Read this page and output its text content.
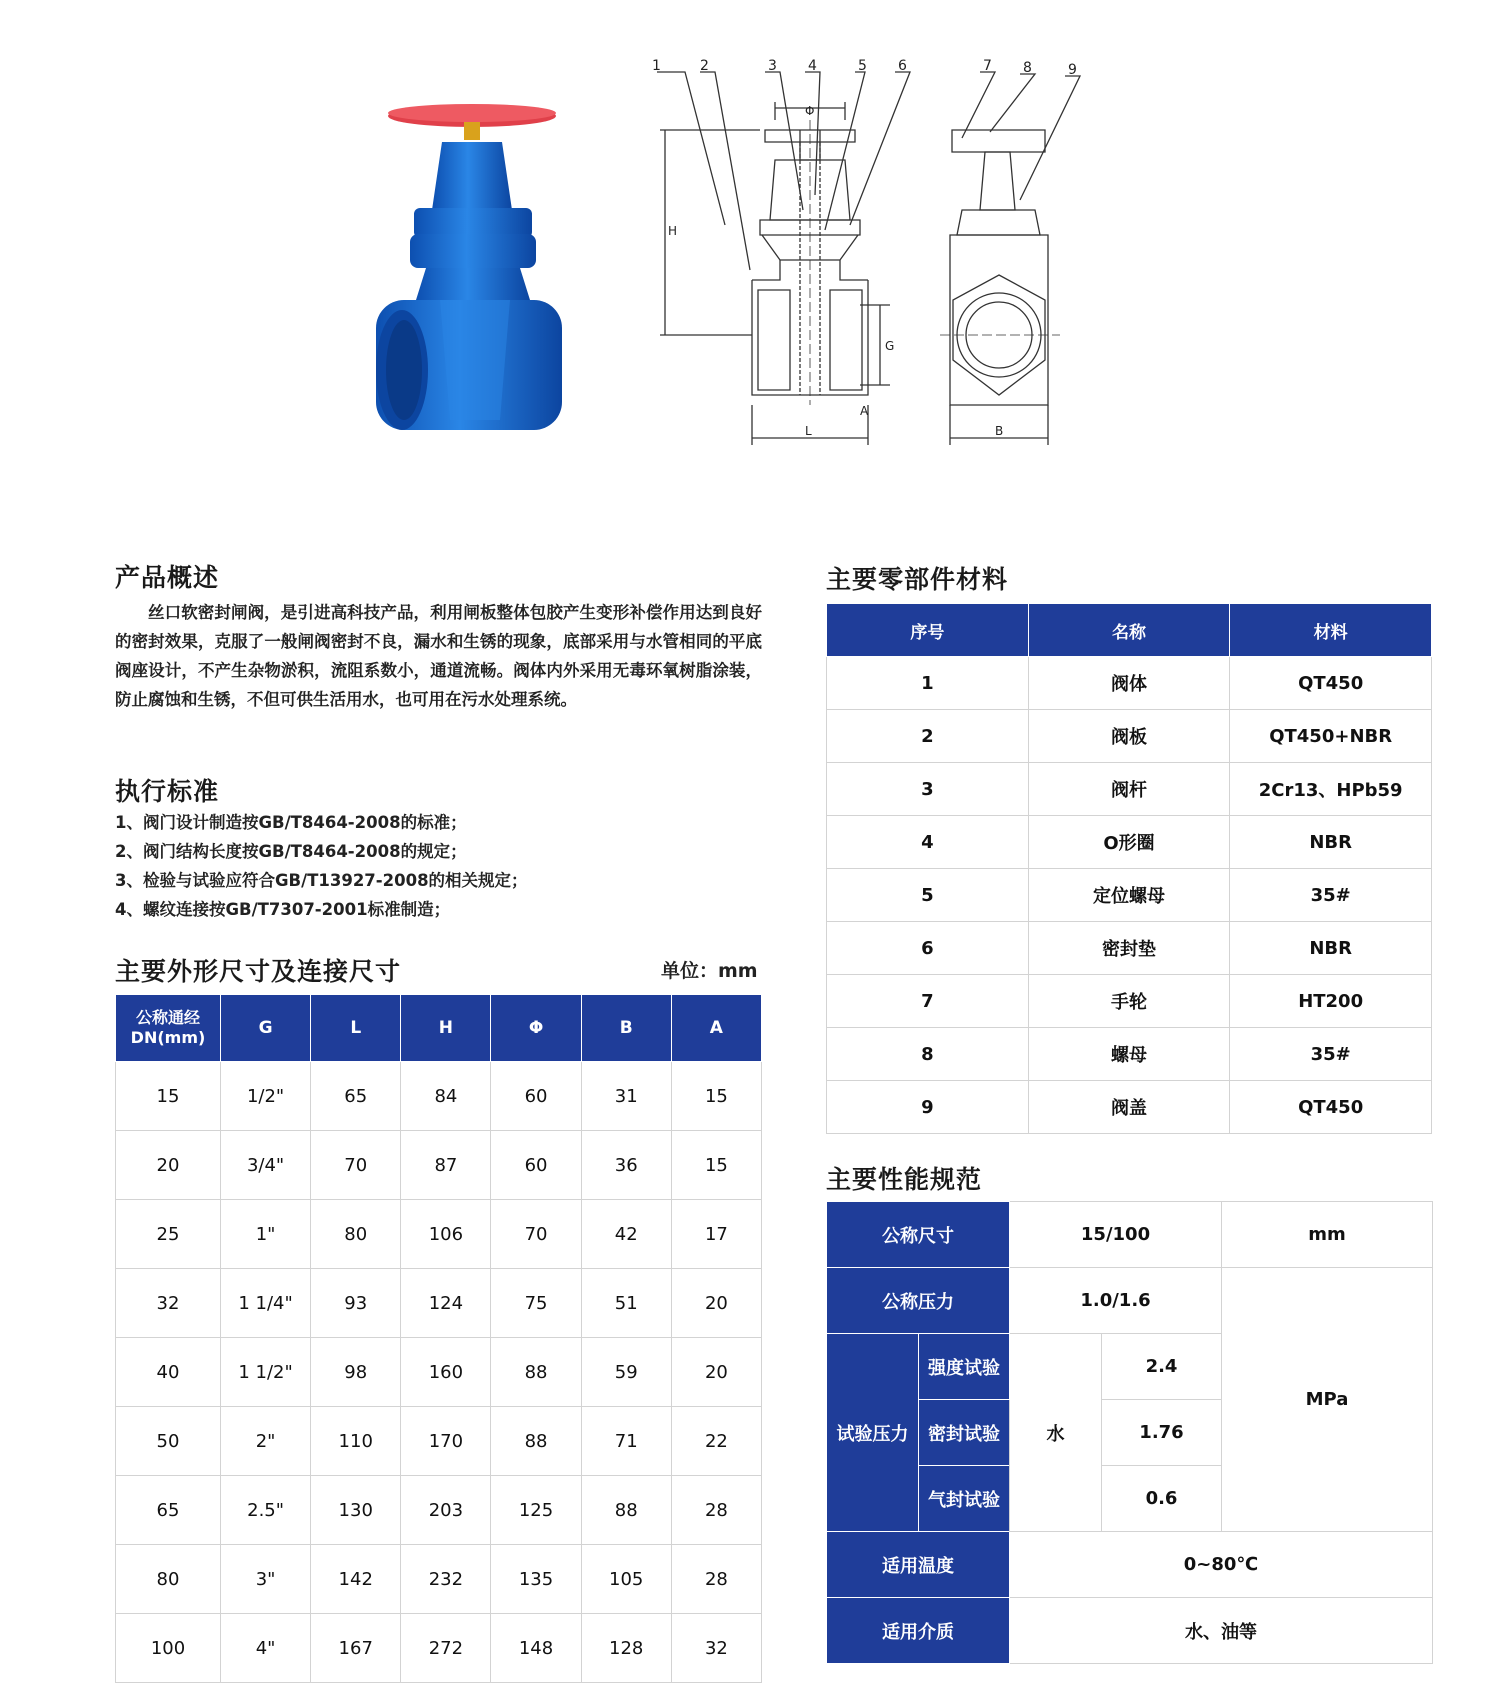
1	2	3 4	5 6	7 8	9
Φ
H
G
L
A
B
产品概述

丝口软密封闸阀，是引进高科技产品，利用闸板整体包胶产生变形补偿作用达到良好的密封效果，克服了一般闸阀密封不良，漏水和生锈的现象，底部采用与水管相同的平底阀座设计，不产生杂物淤积，流阻系数小，通道流畅。阀体内外采用无毒环氧树脂涂装，防止腐蚀和生锈，不但可供生活用水，也可用在污水处理系统。

执行标准

1、阀门设计制造按GB/T8464-2008的标准；

2、阀门结构长度按GB/T8464-2008的规定；

3、检验与试验应符合GB/T13927-2008的相关规定；

4、螺纹连接按GB/T7307-2001标准制造；

主要外形尺寸及连接尺寸	单位：mm
公称通经DN(mm)	G	L	H	Φ	B	A
15	1/2"	65	84	60	31	15
20	3/4"	70	87	60	36	15
25	1"	80	106	70	42	17
32	1 1/4"	93	124	75	51	20
40	1 1/2"	98	160	88	59	20
50	2"	110	170	88	71	22
65	2.5"	130	203	125	88	28
80	3"	142	232	135	105	28
100	4"	167	272	148	128	32
主要零部件材料
序号	名称	材料
1	阀体	QT450
2	阀板	QT450+NBR
3	阀杆	2Cr13、HPb59
4	O形圈	NBR
5	定位螺母	35#
6	密封垫	NBR
7	手轮	HT200
8	螺母	35#
9	阀盖	QT450
主要性能规范
公称尺寸		15/100		mm
公称压力		1.0/1.6		MPa
试验压力	强度试验	水	2.4	
	密封试验		1.76	
	气封试验		0.6	
适用温度		0~80℃		
适用介质		水、油等		
